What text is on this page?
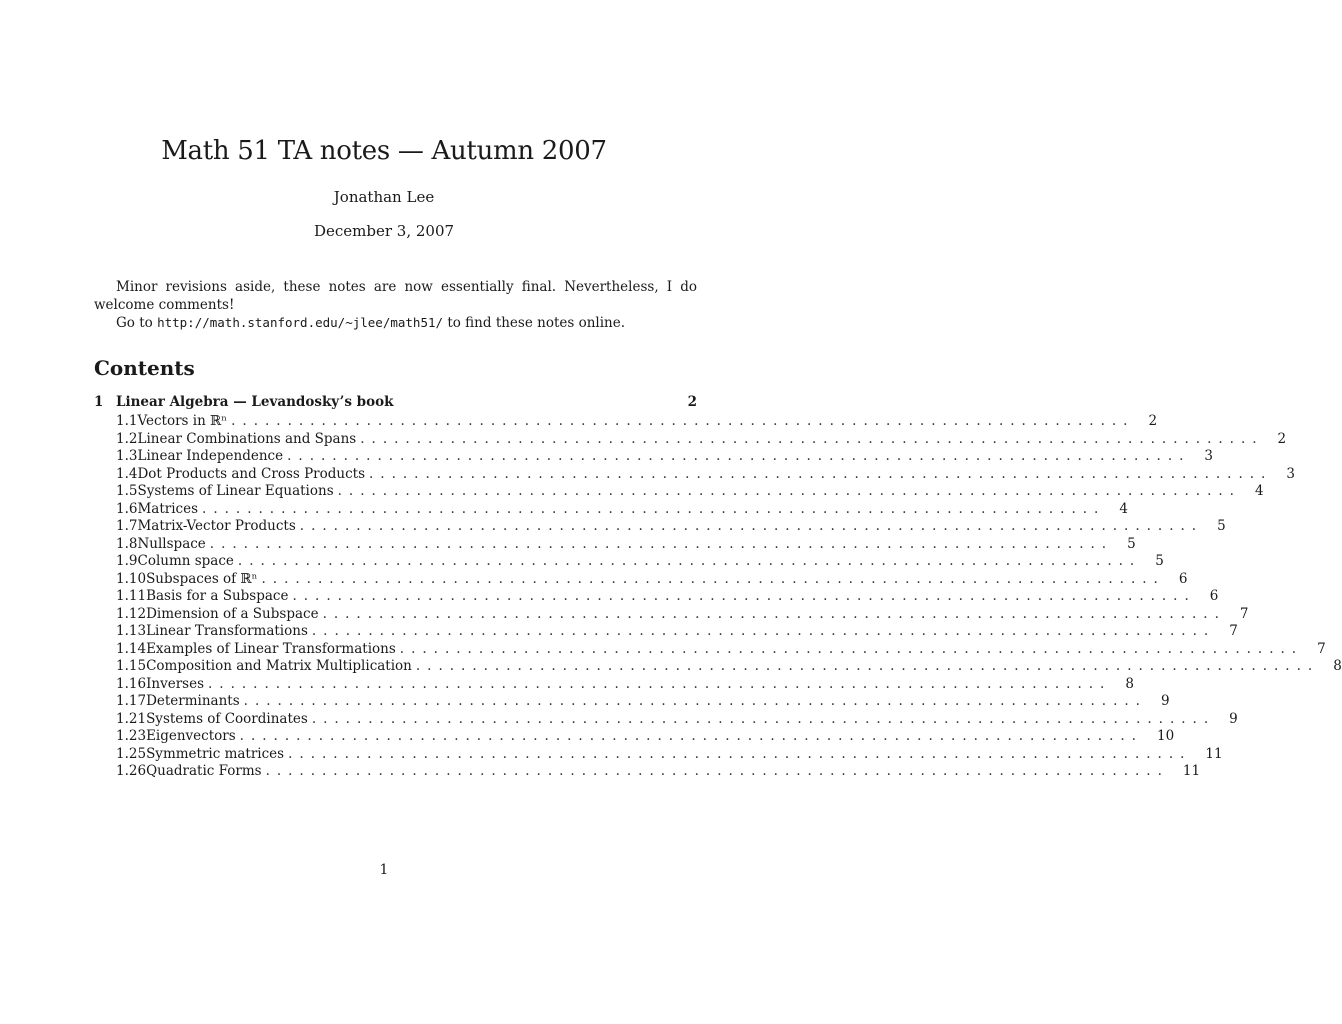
Math 51 TA notes — Autumn 2007
Jonathan Lee
December 3, 2007

Minor revisions aside, these notes are now essentially final. Nevertheless, I do welcome comments!

Go to http://math.stanford.edu/~jlee/math51/ to find these notes online.

Contents
1 Linear Algebra — Levandosky’s book	2
1.1 Vectors in ℝⁿ ................................................................................	2
1.2 Linear Combinations and Spans ................................................................................	2
1.3 Linear Independence ................................................................................	3
1.4 Dot Products and Cross Products ................................................................................	3
1.5 Systems of Linear Equations ................................................................................	4
1.6 Matrices ................................................................................	4
1.7 Matrix-Vector Products ................................................................................	5
1.8 Nullspace ................................................................................	5
1.9 Column space ................................................................................	5
1.10 Subspaces of ℝⁿ ................................................................................	6
1.11 Basis for a Subspace ................................................................................	6
1.12 Dimension of a Subspace ................................................................................	7
1.13 Linear Transformations ................................................................................	7
1.14 Examples of Linear Transformations ................................................................................	7
1.15 Composition and Matrix Multiplication ................................................................................	8
1.16 Inverses ................................................................................	8
1.17 Determinants ................................................................................	9
1.21 Systems of Coordinates ................................................................................	9
1.23 Eigenvectors ................................................................................	10
1.25 Symmetric matrices ................................................................................	11
1.26 Quadratic Forms ................................................................................	11
1
